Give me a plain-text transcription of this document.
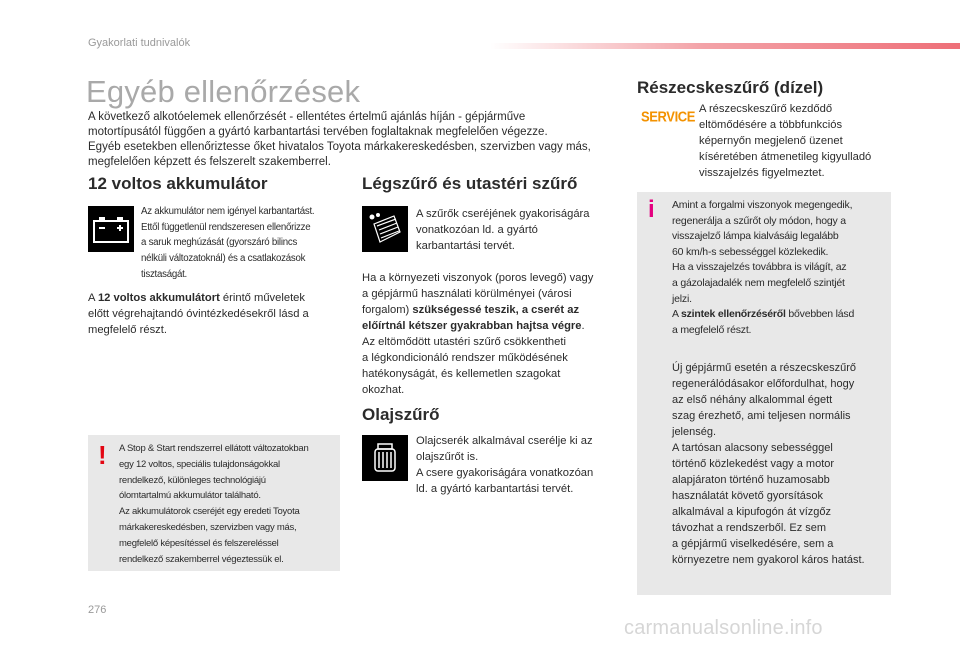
Gyakorlati tudnivalók
Egyéb ellenőrzések
A következő alkotóelemek ellenőrzését - ellentétes értelmű ajánlás híján - gépjárműve
motortípusától függően a gyártó karbantartási tervében foglaltaknak megfelelően végezze.
Egyéb esetekben ellenőriztesse őket hivatalos Toyota márkakereskedésben, szervizben vagy más,
megfelelően képzett és felszerelt szakemberrel.
12 voltos akkumulátor
Az akkumulátor nem igényel karbantartást.
Ettől függetlenül rendszeresen ellenőrizze
a saruk meghúzását (gyorszáró bilincs
nélküli változatoknál) és a csatlakozások
tisztaságát.
A 12 voltos akkumulátort érintő műveletek
előtt végrehajtandó óvintézkedésekről lásd a
megfelelő részt.
! A Stop & Start rendszerrel ellátott változatokban
egy 12 voltos, speciális tulajdonságokkal
rendelkező, különleges technológiájú
ólomtartalmú akkumulátor található.
Az akkumulátorok cseréjét egy eredeti Toyota
márkakereskedésben, szervizben vagy más,
megfelelő képesítéssel és felszereléssel
rendelkező szakemberrel végeztessük el.
Légszűrő és utastéri szűrő
A szűrők cseréjének gyakoriságára
vonatkozóan ld. a gyártó
karbantartási tervét.
Ha a környezeti viszonyok (poros levegő) vagy
a gépjármű használati körülményei (városi
forgalom) szükségessé teszik, a cserét az
előírtnál kétszer gyakrabban hajtsa végre.
Az eltömődött utastéri szűrő csökkentheti
a légkondicionáló rendszer működésének
hatékonyságát, és kellemetlen szagokat
okozhat.
Olajszűrő
Olajcserék alkalmával cserélje ki az
olajszűrőt is.
A csere gyakoriságára vonatkozóan
ld. a gyártó karbantartási tervét.
Részecskeszűrő (dízel)
SERVICE A részecskeszűrő kezdődő
eltömődésére a többfunkciós
képernyőn megjelenő üzenet
kíséretében átmenetileg kigyulladó
visszajelzés figyelmeztet.
i Amint a forgalmi viszonyok megengedik,
regenerálja a szűrőt oly módon, hogy a
visszajelző lámpa kialvásáig legalább
60 km/h-s sebességgel közlekedik.
Ha a visszajelzés továbbra is világít, az
a gázolajadalék nem megfelelő szintjét
jelzi.
A szintek ellenőrzéséről bővebben lásd
a megfelelő részt.
Új gépjármű esetén a részecskeszűrő
regenerálódásakor előfordulhat, hogy
az első néhány alkalommal égett
szag érezhető, ami teljesen normális
jelenség.
A tartósan alacsony sebességgel
történő közlekedést vagy a motor
alapjáraton történő huzamosabb
használatát követő gyorsítások
alkalmával a kipufogón át vízgőz
távozhat a rendszerből. Ez sem
a gépjármű viselkedésére, sem a
környezetre nem gyakorol káros hatást.
276
carmanualsonline.info
